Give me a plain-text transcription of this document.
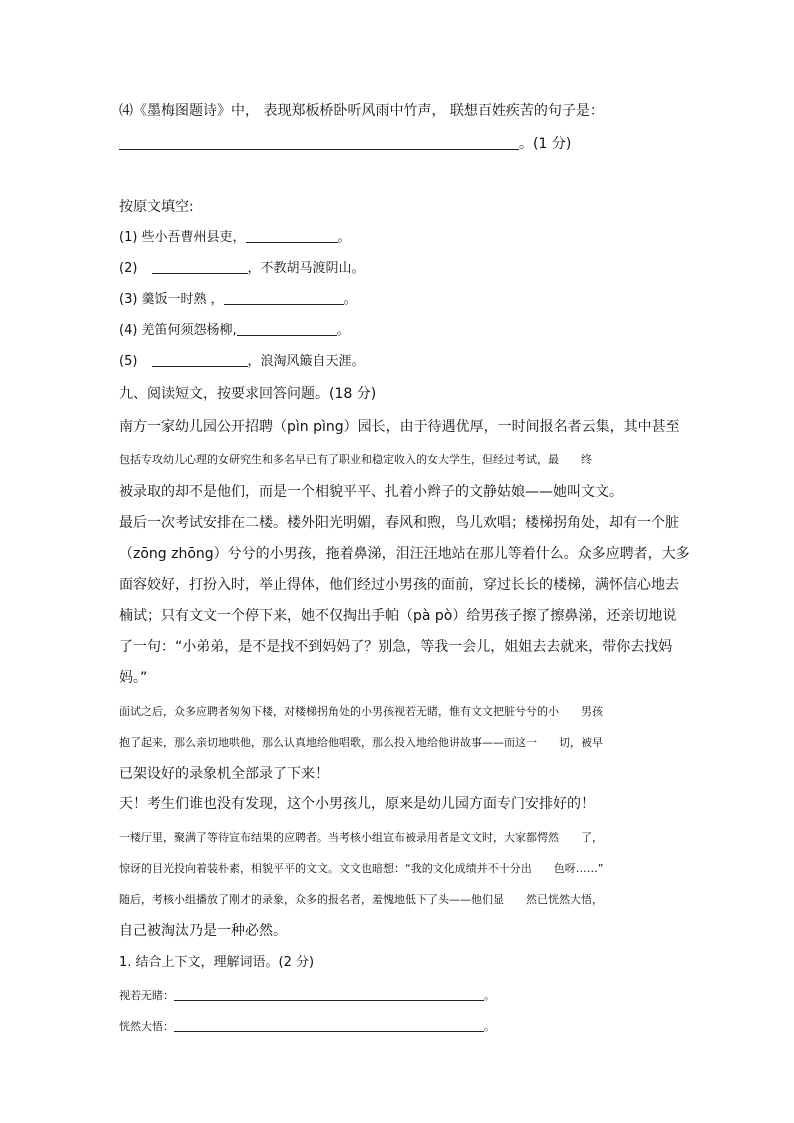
⑷《墨梅图题诗》中， 表现郑板桥卧听风雨中竹声， 联想百姓疾苦的句子是：
。(1 分)
按原文填空:
(1) 些小吾曹州县吏，	。
(2)	，不教胡马渡阴山。
(3) 羹饭一时熟 ，	。
(4) 羌笛何须怨杨柳,	。
(5)	，浪淘风簸自天涯。
九、阅读短文，按要求回答问题。(18 分)
南方一家幼儿园公开招聘（pìn pìng）园长，由于待遇优厚，一时间报名者云集，其中甚至
包括专攻幼儿心理的女研究生和多名早已有了职业和稳定收入的女大学生，但经过考试，最 终
被录取的却不是他们，而是一个相貌平平、扎着小辫子的文静姑娘——她叫文文。
最后一次考试安排在二楼。楼外阳光明媚，春风和煦，鸟儿欢唱；楼梯拐角处，却有一个脏
（zōng zhōng）兮兮的小男孩，拖着鼻涕，泪汪汪地站在那儿等着什么。众多应聘者，大多
面容姣好，打扮入时，举止得体，他们经过小男孩的面前，穿过长长的楼梯，满怀信心地去
楠试；只有文文一个停下来，她不仅掏出手帕（pà pò）给男孩子擦了擦鼻涕，还亲切地说
了一句：“小弟弟，是不是找不到妈妈了？别急，等我一会儿，姐姐去去就来，带你去找妈
妈。”
面试之后，众多应聘者匆匆下楼，对楼梯拐角处的小男孩视若无睹，惟有文文把脏兮兮的小 男孩
抱了起来，那么亲切地哄他，那么认真地给他唱歌，那么投入地给他讲故事——而这一 切，被早
已架设好的录象机全部录了下来！
天！考生们谁也没有发现，这个小男孩儿，原来是幼儿园方面专门安排好的！
一楼厅里，聚满了等待宣布结果的应聘者。当考核小组宣布被录用者是文文时，大家都愕然 了，
惊讶的目光投向着装朴素，相貌平平的文文。文文也暗想：“我的文化成绩并不十分出 色呀……”
随后，考核小组播放了刚才的录象，众多的报名者，羞愧地低下了头——他们显 然已恍然大悟，
自己被淘汰乃是一种必然。
1. 结合上下文，理解词语。(2 分)
视若无睹：	。
恍然大悟：	。
